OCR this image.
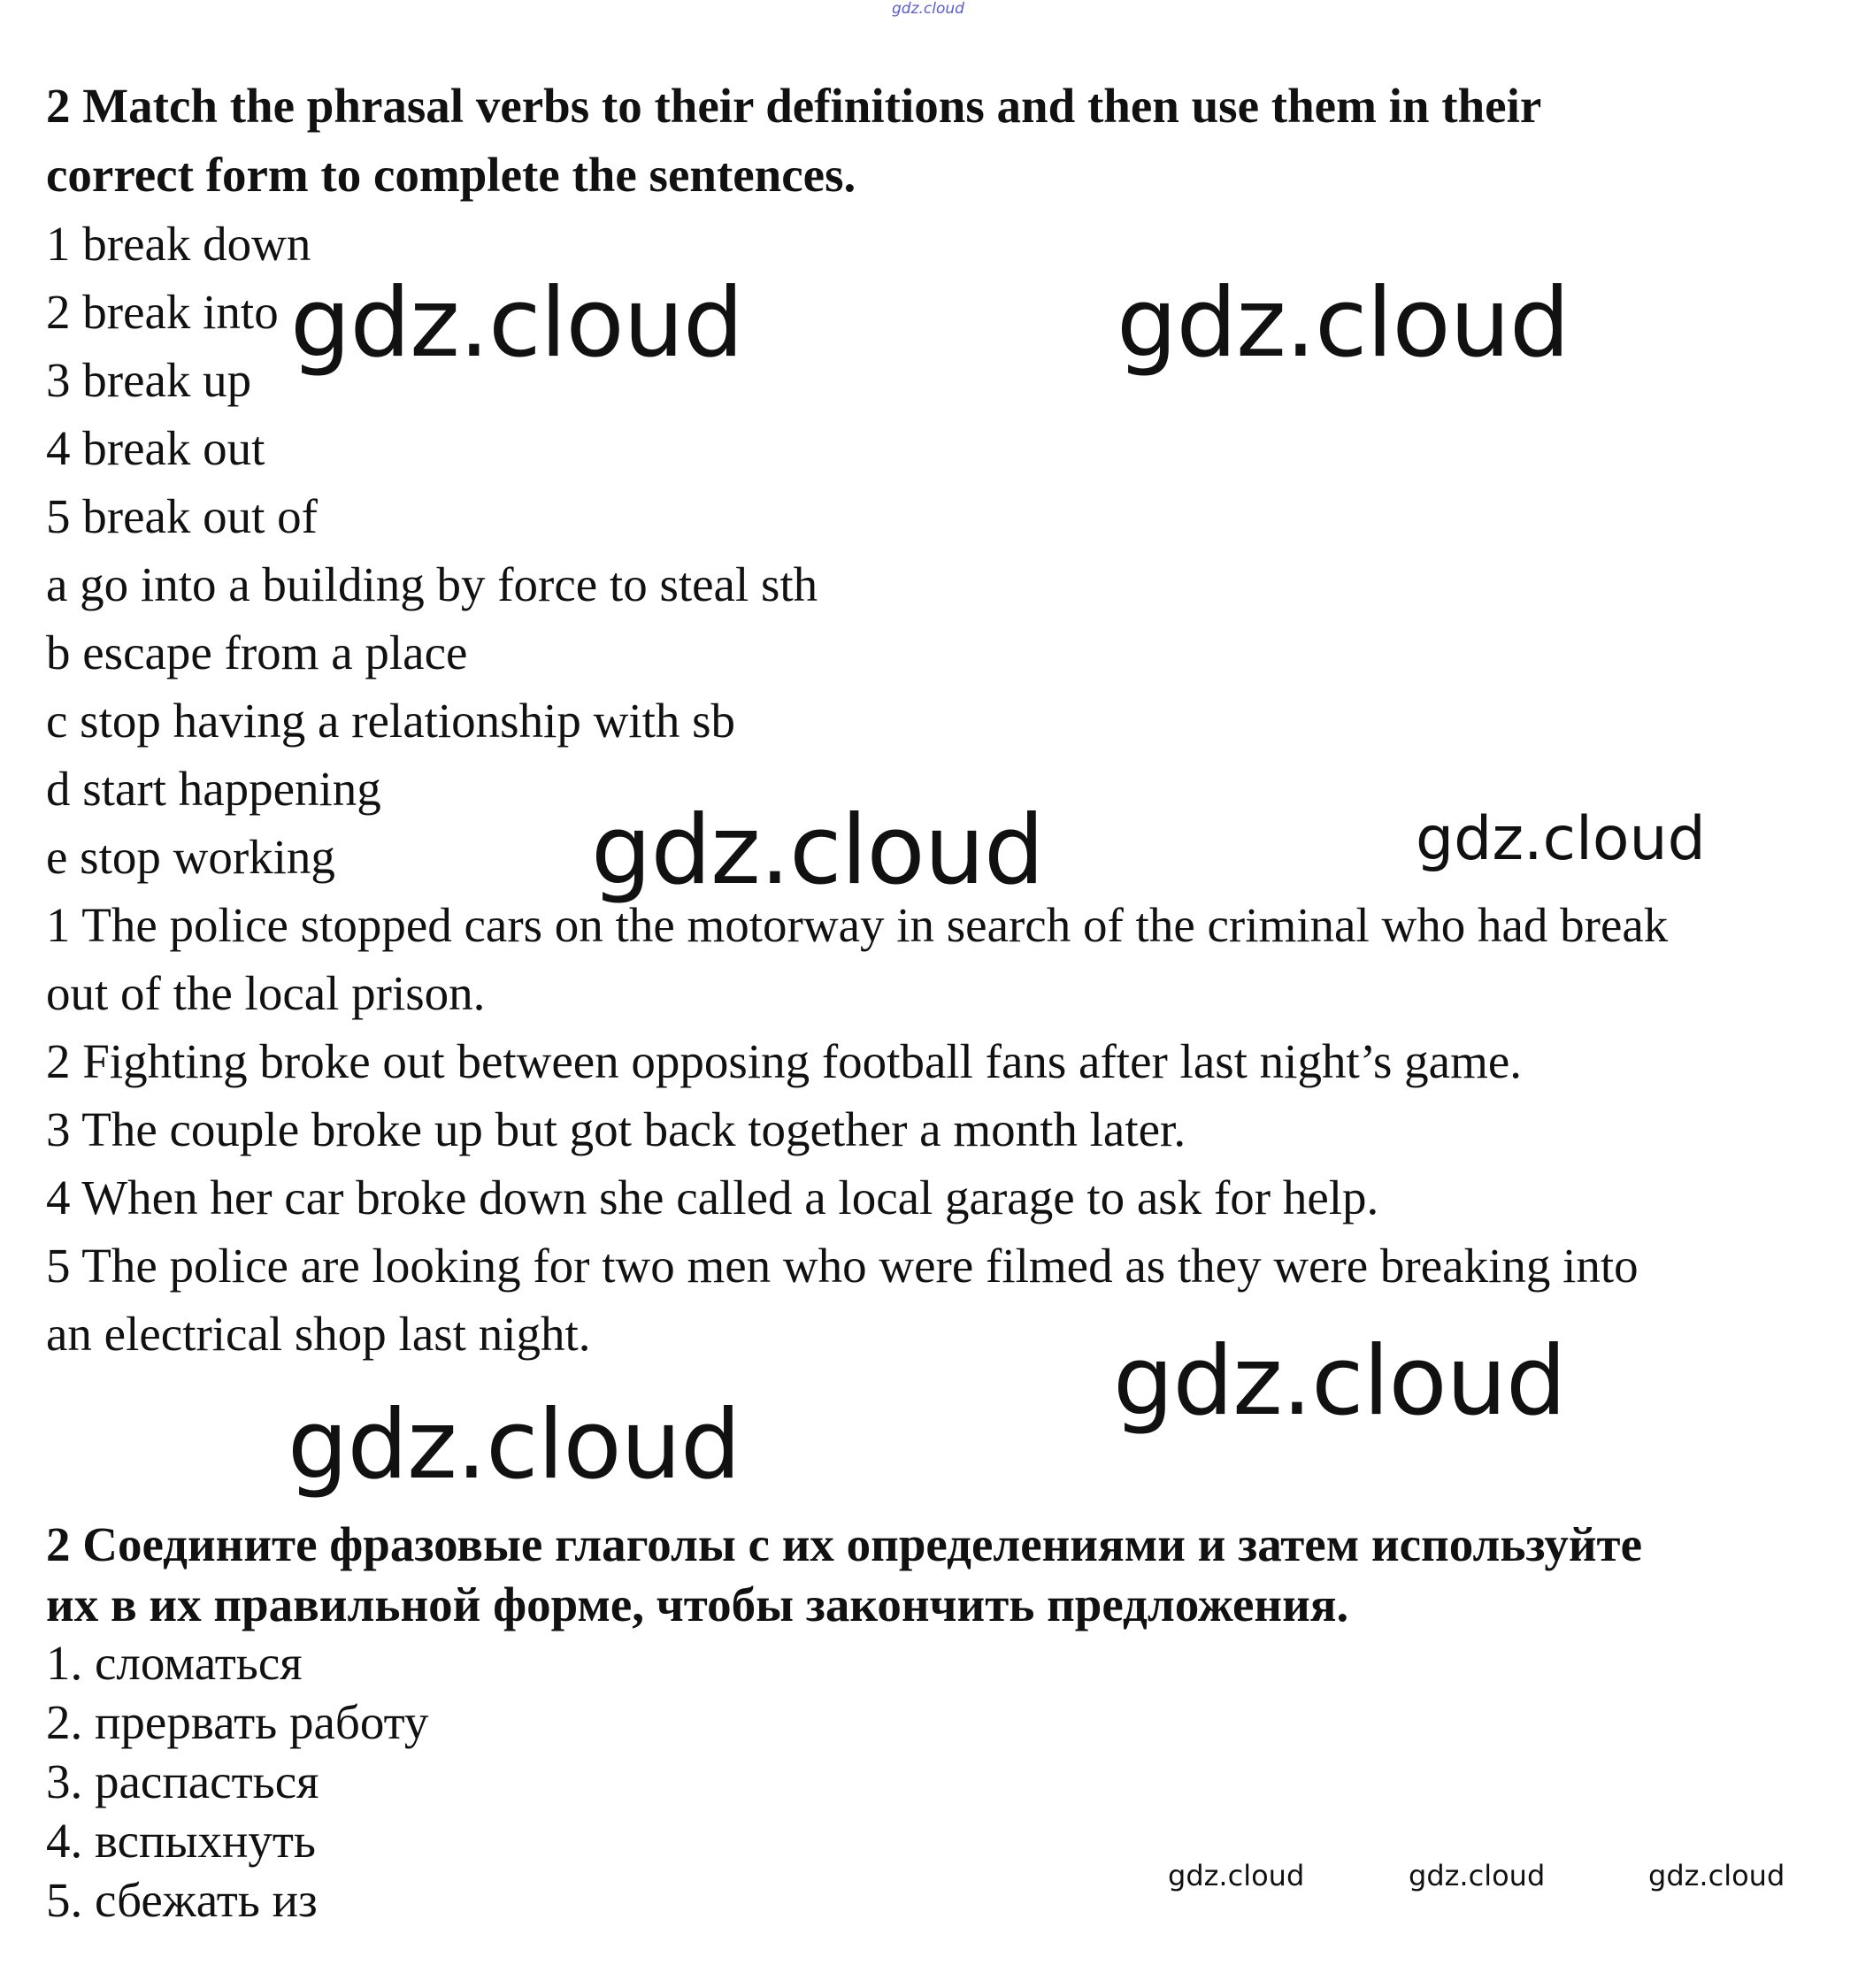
gdz.cloud
2 Match the phrasal verbs to their definitions and then use them in their
correct form to complete the sentences.
1 break down
2 break into
3 break up
4 break out
5 break out of
a go into a building by force to steal sth
b escape from a place
c stop having a relationship with sb
d start happening
e stop working
1 The police stopped cars on the motorway in search of the criminal who had break
out of the local prison.
2 Fighting broke out between opposing football fans after last night’s game.
3 The couple broke up but got back together a month later.
4 When her car broke down she called a local garage to ask for help.
5 The police are looking for two men who were filmed as they were breaking into
an electrical shop last night.
2 Соедините фразовые глаголы с их определениями и затем используйте
их в их правильной форме, чтобы закончить предложения.
1. сломаться
2. прервать работу
3. распасться
4. вспыхнуть
5. сбежать из
gdz.cloud	gdz.cloud
gdz.cloud	gdz.cloud
gdz.cloud
gdz.cloud
gdz.cloud	gdz.cloud	gdz.cloud
